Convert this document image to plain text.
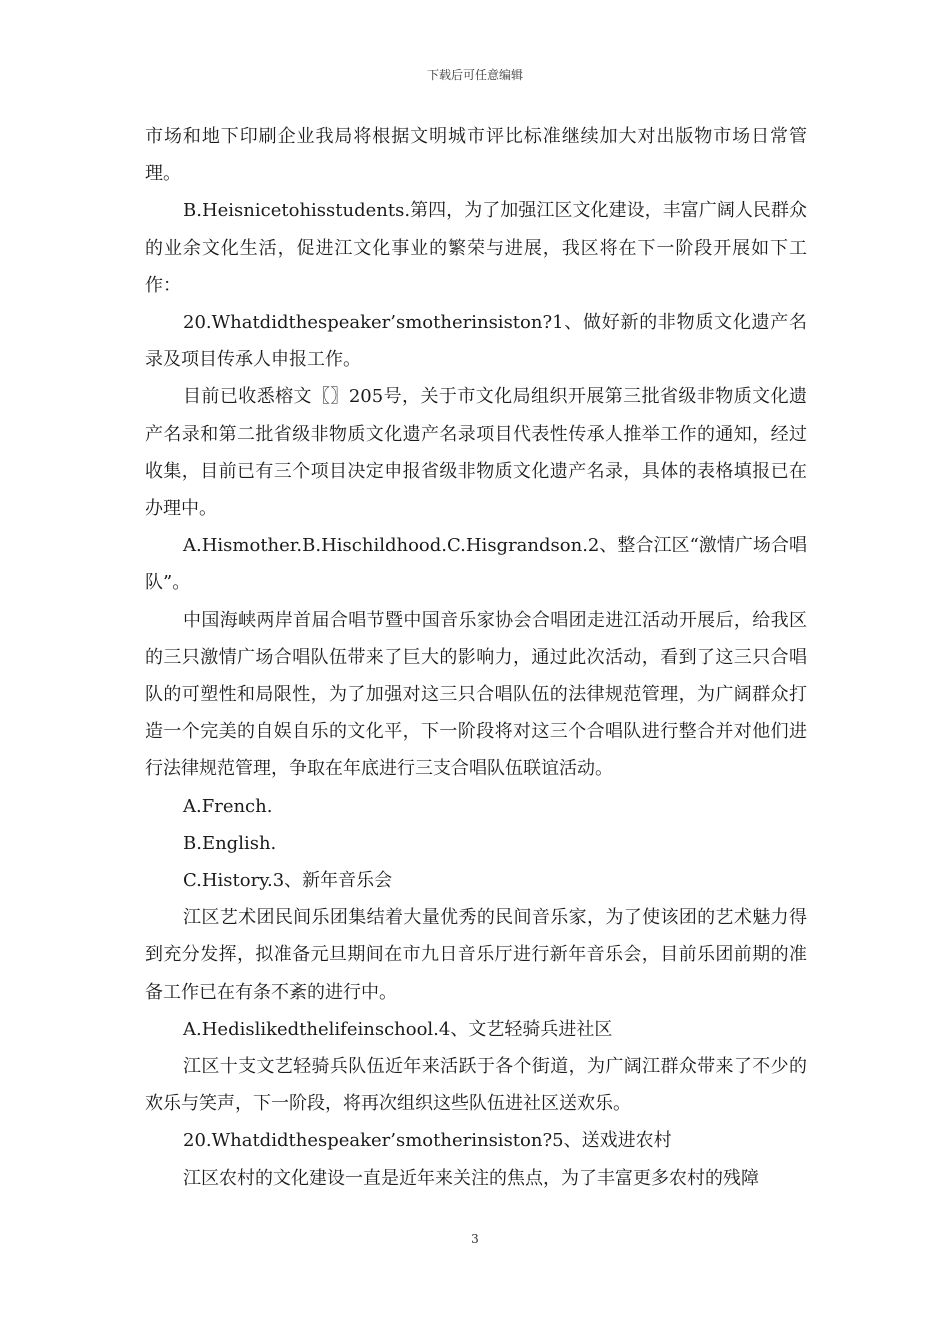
下载后可任意编辑

市场和地下印刷企业我局将根据文明城市评比标准继续加大对出版物市场日常管理。

B.Heisnicetohisstudents.第四，为了加强江区文化建设，丰富广阔人民群众的业余文化生活，促进江文化事业的繁荣与进展，我区将在下一阶段开展如下工作：

20.Whatdidthespeaker’smotherinsiston?1、做好新的非物质文化遗产名录及项目传承人申报工作。

目前已收悉榕文〖〗205号，关于市文化局组织开展第三批省级非物质文化遗产名录和第二批省级非物质文化遗产名录项目代表性传承人推举工作的通知，经过收集，目前已有三个项目决定申报省级非物质文化遗产名录，具体的表格填报已在办理中。

A.Hismother.B.Hischildhood.C.Hisgrandson.2、整合江区“激情广场合唱队”。

中国海峡两岸首届合唱节暨中国音乐家协会合唱团走进江活动开展后，给我区的三只激情广场合唱队伍带来了巨大的影响力，通过此次活动，看到了这三只合唱队的可塑性和局限性，为了加强对这三只合唱队伍的法律规范管理，为广阔群众打造一个完美的自娱自乐的文化平，下一阶段将对这三个合唱队进行整合并对他们进行法律规范管理，争取在年底进行三支合唱队伍联谊活动。

A.French.

B.English.

C.History.3、新年音乐会

江区艺术团民间乐团集结着大量优秀的民间音乐家，为了使该团的艺术魅力得到充分发挥，拟准备元旦期间在市九日音乐厅进行新年音乐会，目前乐团前期的准备工作已在有条不紊的进行中。

A.Hedislikedthelifeinschool.4、文艺轻骑兵进社区

江区十支文艺轻骑兵队伍近年来活跃于各个街道，为广阔江群众带来了不少的欢乐与笑声，下一阶段，将再次组织这些队伍进社区送欢乐。

20.Whatdidthespeaker’smotherinsiston?5、送戏进农村

江区农村的文化建设一直是近年来关注的焦点，为了丰富更多农村的残障

3
